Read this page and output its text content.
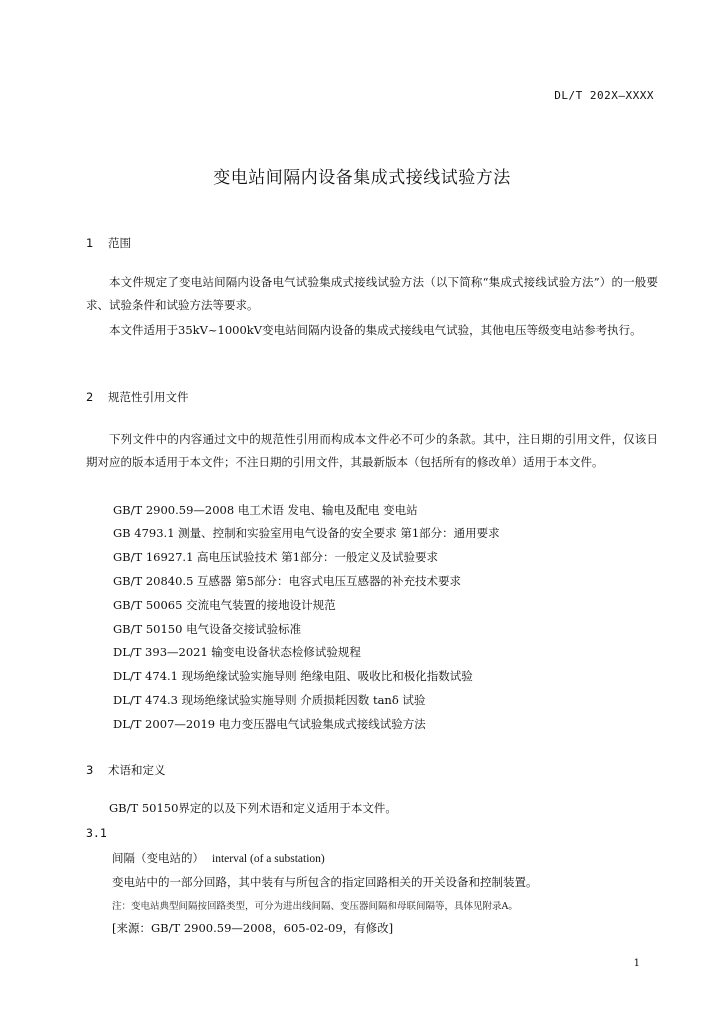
DL/T 202X—XXXX
变电站间隔内设备集成式接线试验方法
1 范围
本文件规定了变电站间隔内设备电气试验集成式接线试验方法（以下简称“集成式接线试验方法”）的一般要求、试验条件和试验方法等要求。
本文件适用于35kV~1000kV变电站间隔内设备的集成式接线电气试验，其他电压等级变电站参考执行。
2 规范性引用文件
下列文件中的内容通过文中的规范性引用而构成本文件必不可少的条款。其中，注日期的引用文件，仅该日期对应的版本适用于本文件；不注日期的引用文件，其最新版本（包括所有的修改单）适用于本文件。
GB/T 2900.59—2008 电工术语 发电、输电及配电 变电站
GB 4793.1 测量、控制和实验室用电气设备的安全要求 第1部分：通用要求
GB/T 16927.1 高电压试验技术 第1部分：一般定义及试验要求
GB/T 20840.5 互感器 第5部分：电容式电压互感器的补充技术要求
GB/T 50065 交流电气装置的接地设计规范
GB/T 50150 电气设备交接试验标准
DL/T 393—2021 输变电设备状态检修试验规程
DL/T 474.1 现场绝缘试验实施导则 绝缘电阻、吸收比和极化指数试验
DL/T 474.3 现场绝缘试验实施导则 介质损耗因数 tanδ 试验
DL/T 2007—2019 电力变压器电气试验集成式接线试验方法
3 术语和定义
GB/T 50150界定的以及下列术语和定义适用于本文件。
3.1
间隔（变电站的） interval (of a substation)
变电站中的一部分回路，其中装有与所包含的指定回路相关的开关设备和控制装置。
注：变电站典型间隔按回路类型，可分为进出线间隔、变压器间隔和母联间隔等，具体见附录A。
[来源：GB/T 2900.59—2008，605-02-09，有修改]
1
